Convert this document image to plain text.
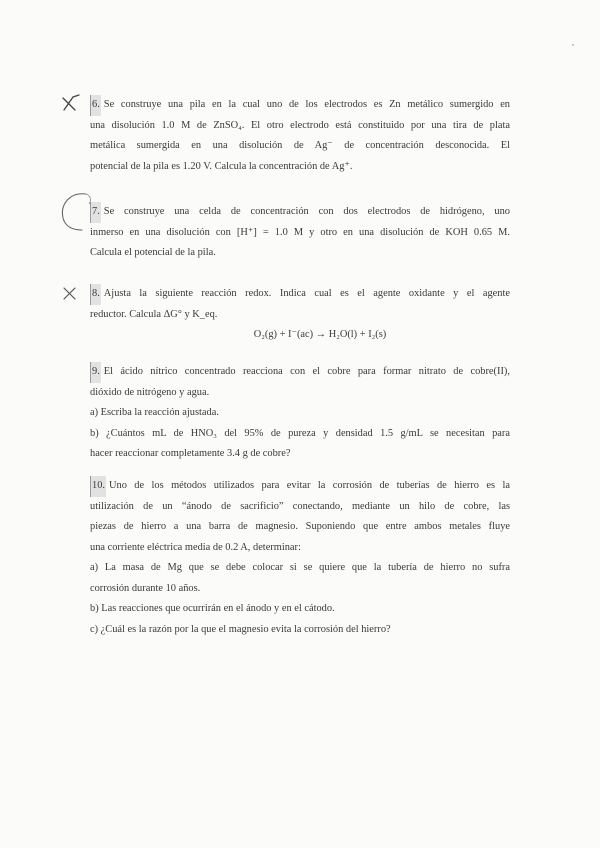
6. Se construye una pila en la cual uno de los electrodos es Zn metálico sumergido en
una disolución 1.0 M de ZnSO₄. El otro electrodo está constituido por una tira de plata
metálica sumergida en una disolución de Ag⁻ de concentración desconocida. El
potencial de la pila es 1.20 V. Calcula la concentración de Ag⁺.
7. Se construye una celda de concentración con dos electrodos de hidrógeno, uno
inmerso en una disolución con [H⁺] = 1.0 M y otro en una disolución de KOH 0.65 M.
Calcula el potencial de la pila.
8. Ajusta la siguiente reacción redox. Indica cual es el agente oxidante y el agente
reductor. Calcula ΔG° y K_eq.
O₂(g) + I⁻(ac) → H₂O(l) + I₂(s)
9. El ácido nítrico concentrado reacciona con el cobre para formar nitrato de cobre(II),
dióxido de nitrógeno y agua.
a) Escriba la reacción ajustada.
b) ¿Cuántos mL de HNO₃ del 95% de pureza y densidad 1.5 g/mL se necesitan para
hacer reaccionar completamente 3.4 g de cobre?
10. Uno de los métodos utilizados para evitar la corrosión de tuberías de hierro es la
utilización de un “ánodo de sacrificio” conectando, mediante un hilo de cobre, las
piezas de hierro a una barra de magnesio. Suponiendo que entre ambos metales fluye
una corriente eléctrica media de 0.2 A, determinar:
a) La masa de Mg que se debe colocar si se quiere que la tubería de hierro no sufra
corrosión durante 10 años.
b) Las reacciones que ocurrirán en el ánodo y en el cátodo.
c) ¿Cuál es la razón por la que el magnesio evita la corrosión del hierro?
